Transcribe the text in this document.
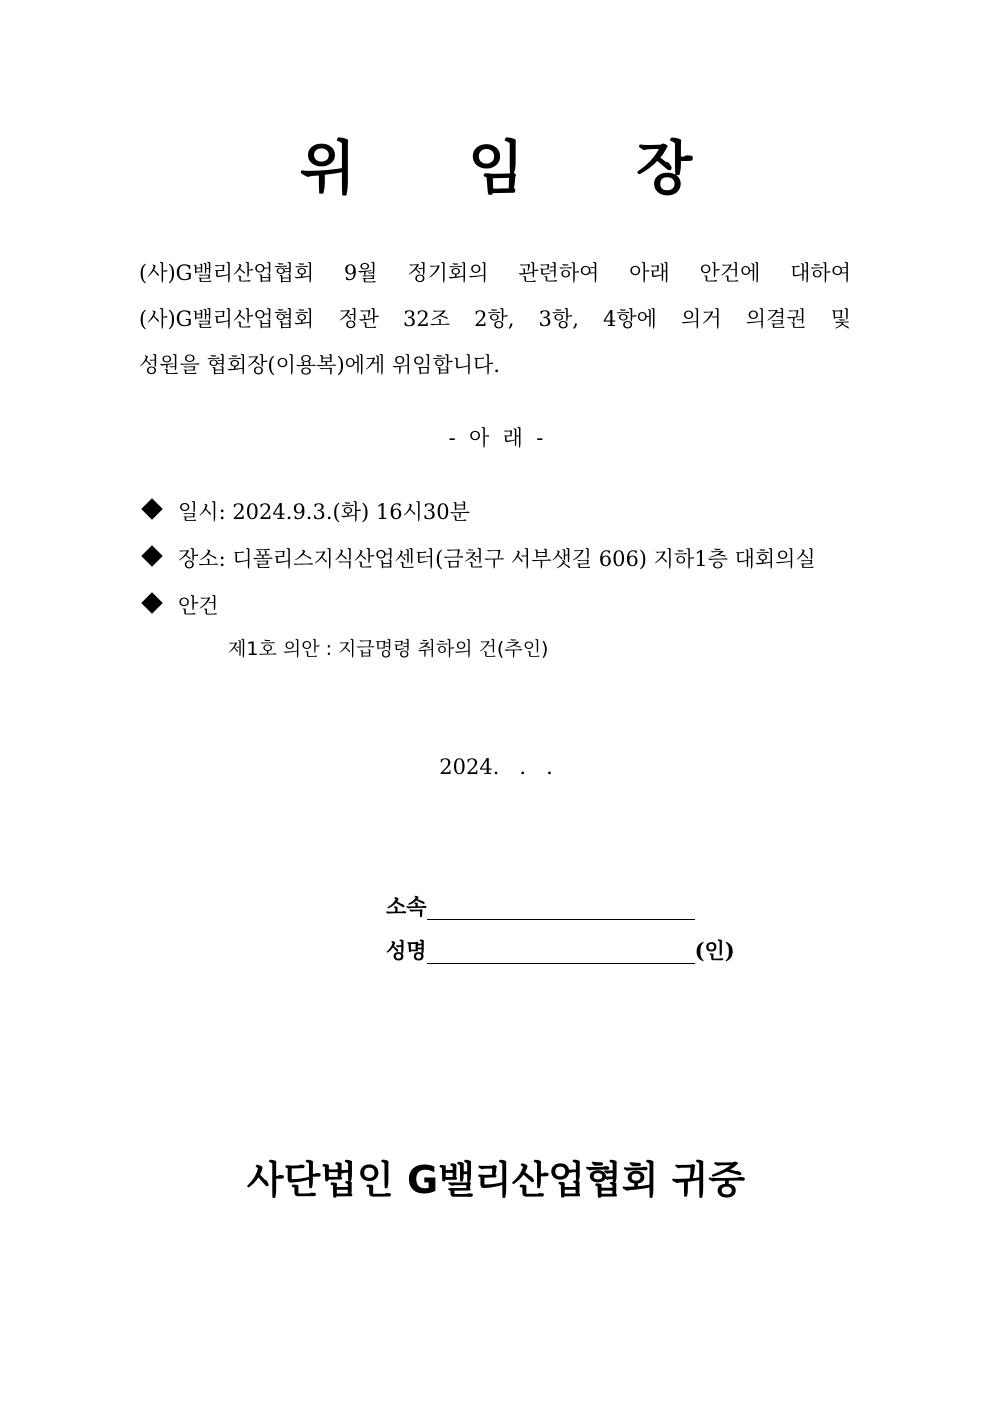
위 임 장
(사)G밸리산업협회 9월 정기회의 관련하여 아래 안건에 대하여
(사)G밸리산업협회 정관 32조 2항, 3항, 4항에 의거 의결권 및
성원을 협회장(이용복)에게 위임합니다.
-  아  래  -
일시: 2024.9.3.(화) 16시30분
장소: 디폴리스지식산업센터(금천구 서부샛길 606) 지하1층 대회의실
안건
제1호 의안 : 지급명령 취하의 건(추인)
2024.   .   .
소속
성명	(인)
사단법인 G밸리산업협회 귀중
